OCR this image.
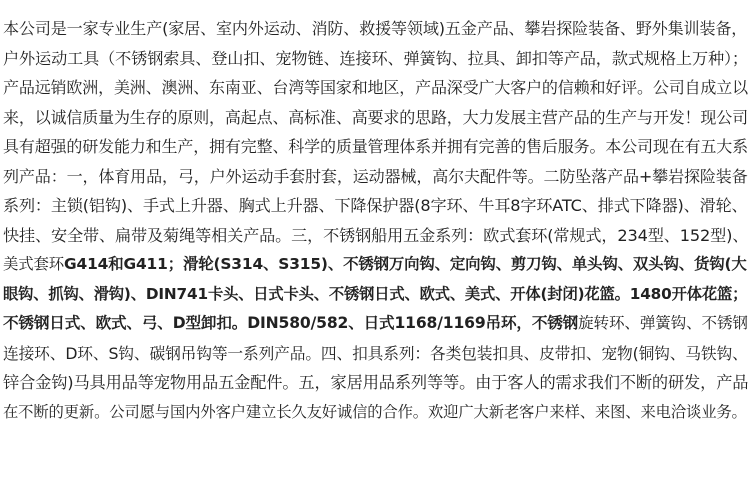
本公司是一家专业生产(家居、室内外运动、消防、救援等领域)五金产品、攀岩探险装备、野外集训装备，
户外运动工具（不锈钢索具、登山扣、宠物链、连接环、弹簧钩、拉具、卸扣等产品，款式规格上万种）；
产品远销欧洲，美洲、澳洲、东南亚、台湾等国家和地区，产品深受广大客户的信赖和好评。公司自成立以
来，以诚信质量为生存的原则，高起点、高标准、高要求的思路，大力发展主营产品的生产与开发！现公司
具有超强的研发能力和生产，拥有完整、科学的质量管理体系并拥有完善的售后服务。本公司现在有五大系
列产品：一，体育用品，弓，户外运动手套肘套，运动器械，高尔夫配件等。二防坠落产品+攀岩探险装备
系列：主锁(铝钩)、手式上升器、胸式上升器、下降保护器(8字环、牛耳8字环ATC、排式下降器)、滑轮、
快挂、安全带、扁带及菊绳等相关产品。三，不锈钢船用五金系列：欧式套环(常规式，234型、152型)、
美式套环G414和G411；滑轮(S314、S315)、不锈钢万向钩、定向钩、剪刀钩、单头钩、双头钩、货钩(大
眼钩、抓钩、滑钩)、DIN741卡头、日式卡头、不锈钢日式、欧式、美式、开体(封闭)花篮。1480开体花篮；
不锈钢日式、欧式、弓、D型卸扣。DIN580/582、日式1168/1169吊环，不锈钢旋转环、弹簧钩、不锈钢
连接环、D环、S钩、碳钢吊钩等一系列产品。四、扣具系列：各类包装扣具、皮带扣、宠物(铜钩、马铁钩、
锌合金钩)马具用品等宠物用品五金配件。五，家居用品系列等等。由于客人的需求我们不断的研发，产品
在不断的更新。公司愿与国内外客户建立长久友好诚信的合作。欢迎广大新老客户来样、来图、来电洽谈业务。
